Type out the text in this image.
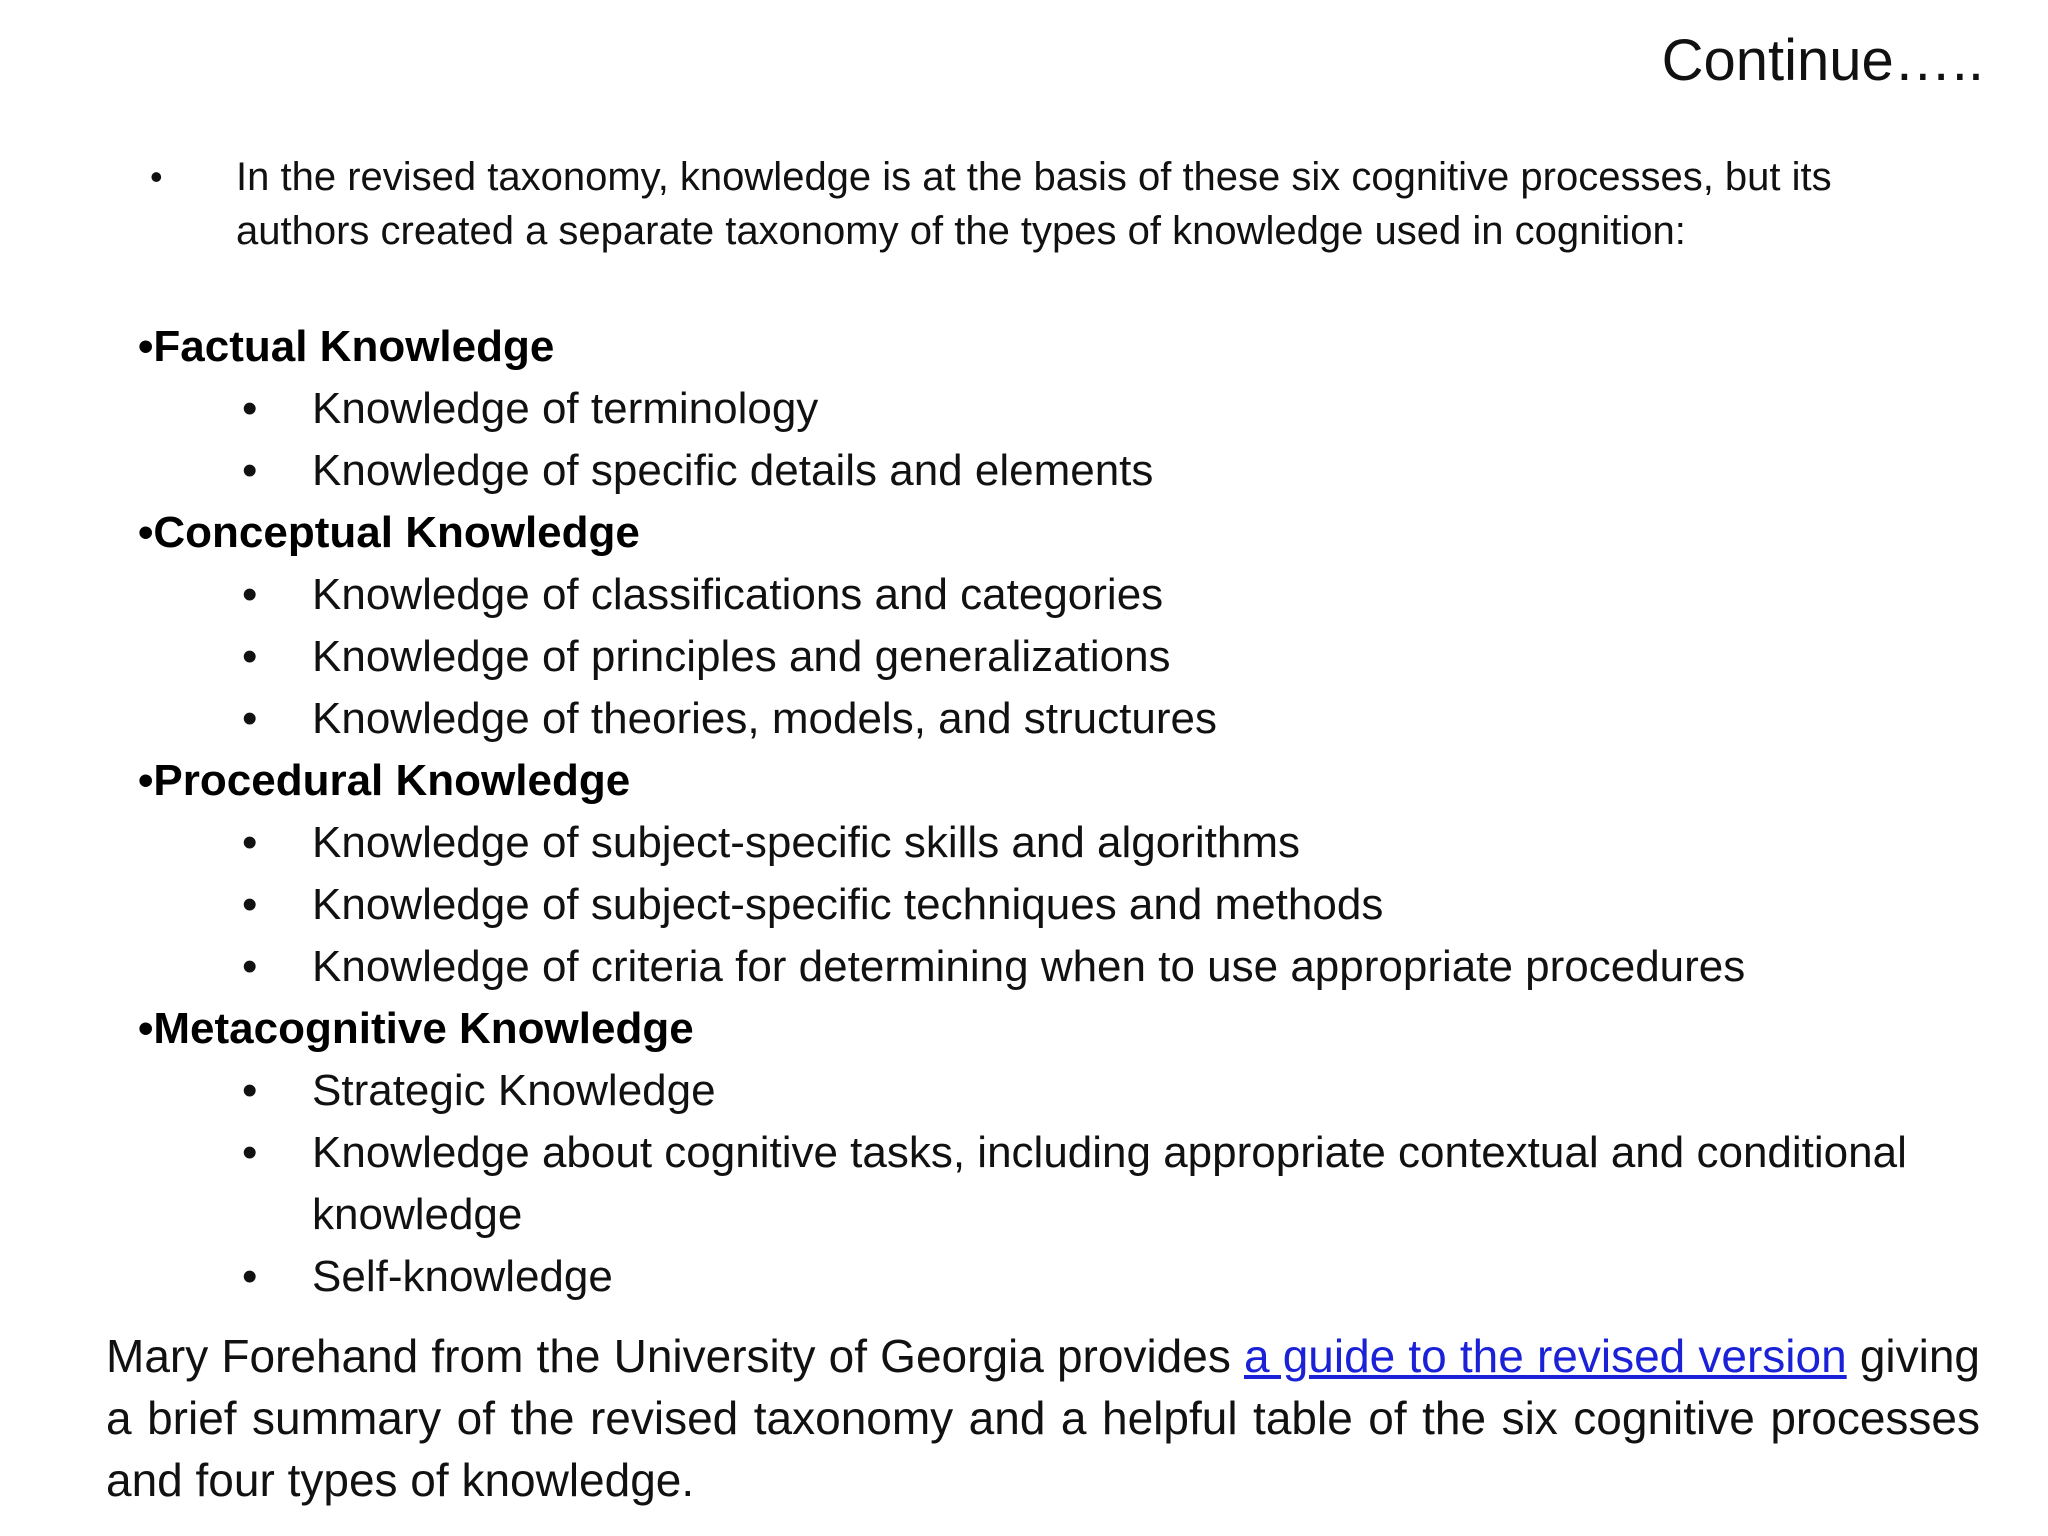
Continue…..
•	In the revised taxonomy, knowledge is at the basis of these six cognitive processes, but its authors created a separate taxonomy of the types of knowledge used in cognition:
•Factual Knowledge
•	Knowledge of terminology
•	Knowledge of specific details and elements
•Conceptual Knowledge
•	Knowledge of classifications and categories
•	Knowledge of principles and generalizations
•	Knowledge of theories, models, and structures
•Procedural Knowledge
•	Knowledge of subject-specific skills and algorithms
•	Knowledge of subject-specific techniques and methods
•	Knowledge of criteria for determining when to use appropriate procedures
•Metacognitive Knowledge
•	Strategic Knowledge
•	Knowledge about cognitive tasks, including appropriate contextual and conditional knowledge
•	Self-knowledge
Mary Forehand from the University of Georgia provides a guide to the revised version giving a brief summary of the revised taxonomy and a helpful table of the six cognitive processes and four types of knowledge.
